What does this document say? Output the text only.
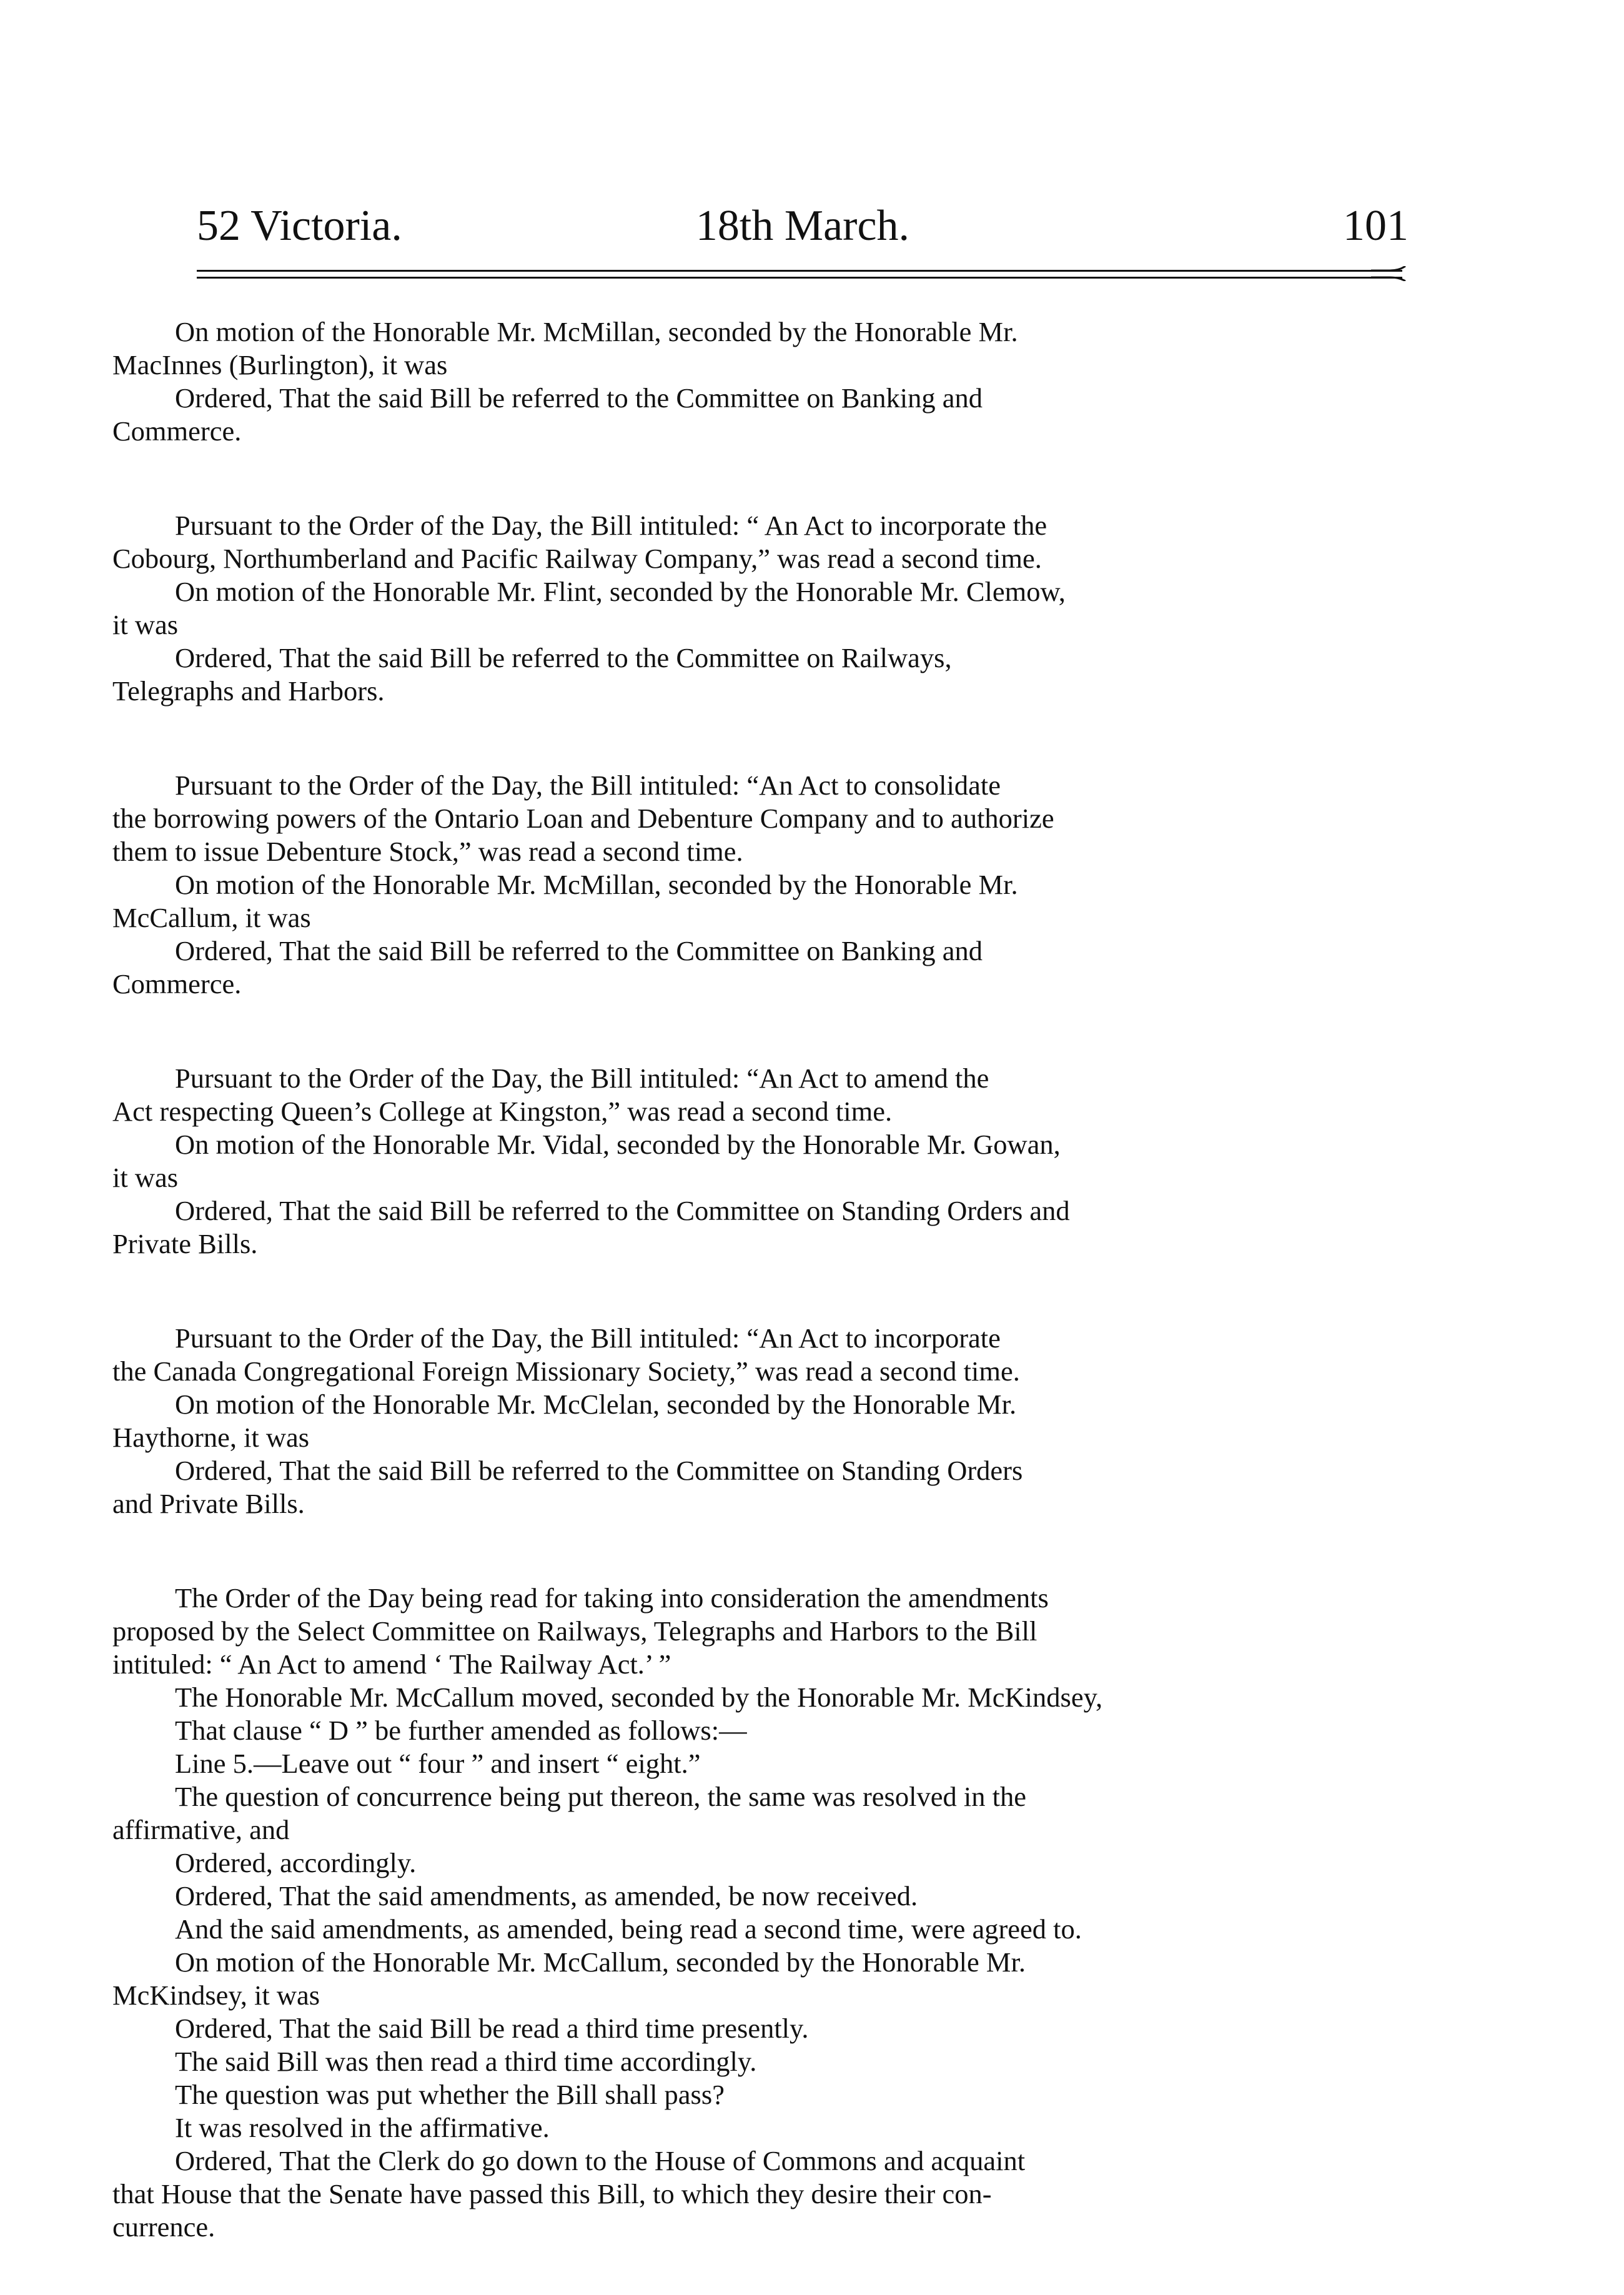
52 Victoria.	18th March.	101
On motion of the Honorable Mr. McMillan, seconded by the Honorable Mr.
MacInnes (Burlington), it was
Ordered, That the said Bill be referred to the Committee on Banking and
Commerce.
Pursuant to the Order of the Day, the Bill intituled: “ An Act to incorporate the
Cobourg, Northumberland and Pacific Railway Company,” was read a second time.
On motion of the Honorable Mr. Flint, seconded by the Honorable Mr. Clemow,
it was
Ordered, That the said Bill be referred to the Committee on Railways,
Telegraphs and Harbors.
Pursuant to the Order of the Day, the Bill intituled: “An Act to consolidate
the borrowing powers of the Ontario Loan and Debenture Company and to authorize
them to issue Debenture Stock,” was read a second time.
On motion of the Honorable Mr. McMillan, seconded by the Honorable Mr.
McCallum, it was
Ordered, That the said Bill be referred to the Committee on Banking and
Commerce.
Pursuant to the Order of the Day, the Bill intituled: “An Act to amend the
Act respecting Queen’s College at Kingston,” was read a second time.
On motion of the Honorable Mr. Vidal, seconded by the Honorable Mr. Gowan,
it was
Ordered, That the said Bill be referred to the Committee on Standing Orders and
Private Bills.
Pursuant to the Order of the Day, the Bill intituled: “An Act to incorporate
the Canada Congregational Foreign Missionary Society,” was read a second time.
On motion of the Honorable Mr. McClelan, seconded by the Honorable Mr.
Haythorne, it was
Ordered, That the said Bill be referred to the Committee on Standing Orders
and Private Bills.
The Order of the Day being read for taking into consideration the amendments
proposed by the Select Committee on Railways, Telegraphs and Harbors to the Bill
intituled: “ An Act to amend ‘ The Railway Act.’ ”
The Honorable Mr. McCallum moved, seconded by the Honorable Mr. McKindsey,
That clause “ D ” be further amended as follows:—
Line 5.—Leave out “ four ” and insert “ eight.”
The question of concurrence being put thereon, the same was resolved in the
affirmative, and
Ordered, accordingly.
Ordered, That the said amendments, as amended, be now received.
And the said amendments, as amended, being read a second time, were agreed to.
On motion of the Honorable Mr. McCallum, seconded by the Honorable Mr.
McKindsey, it was
Ordered, That the said Bill be read a third time presently.
The said Bill was then read a third time accordingly.
The question was put whether the Bill shall pass?
It was resolved in the affirmative.
Ordered, That the Clerk do go down to the House of Commons and acquaint
that House that the Senate have passed this Bill, to which they desire their con-
currence.
